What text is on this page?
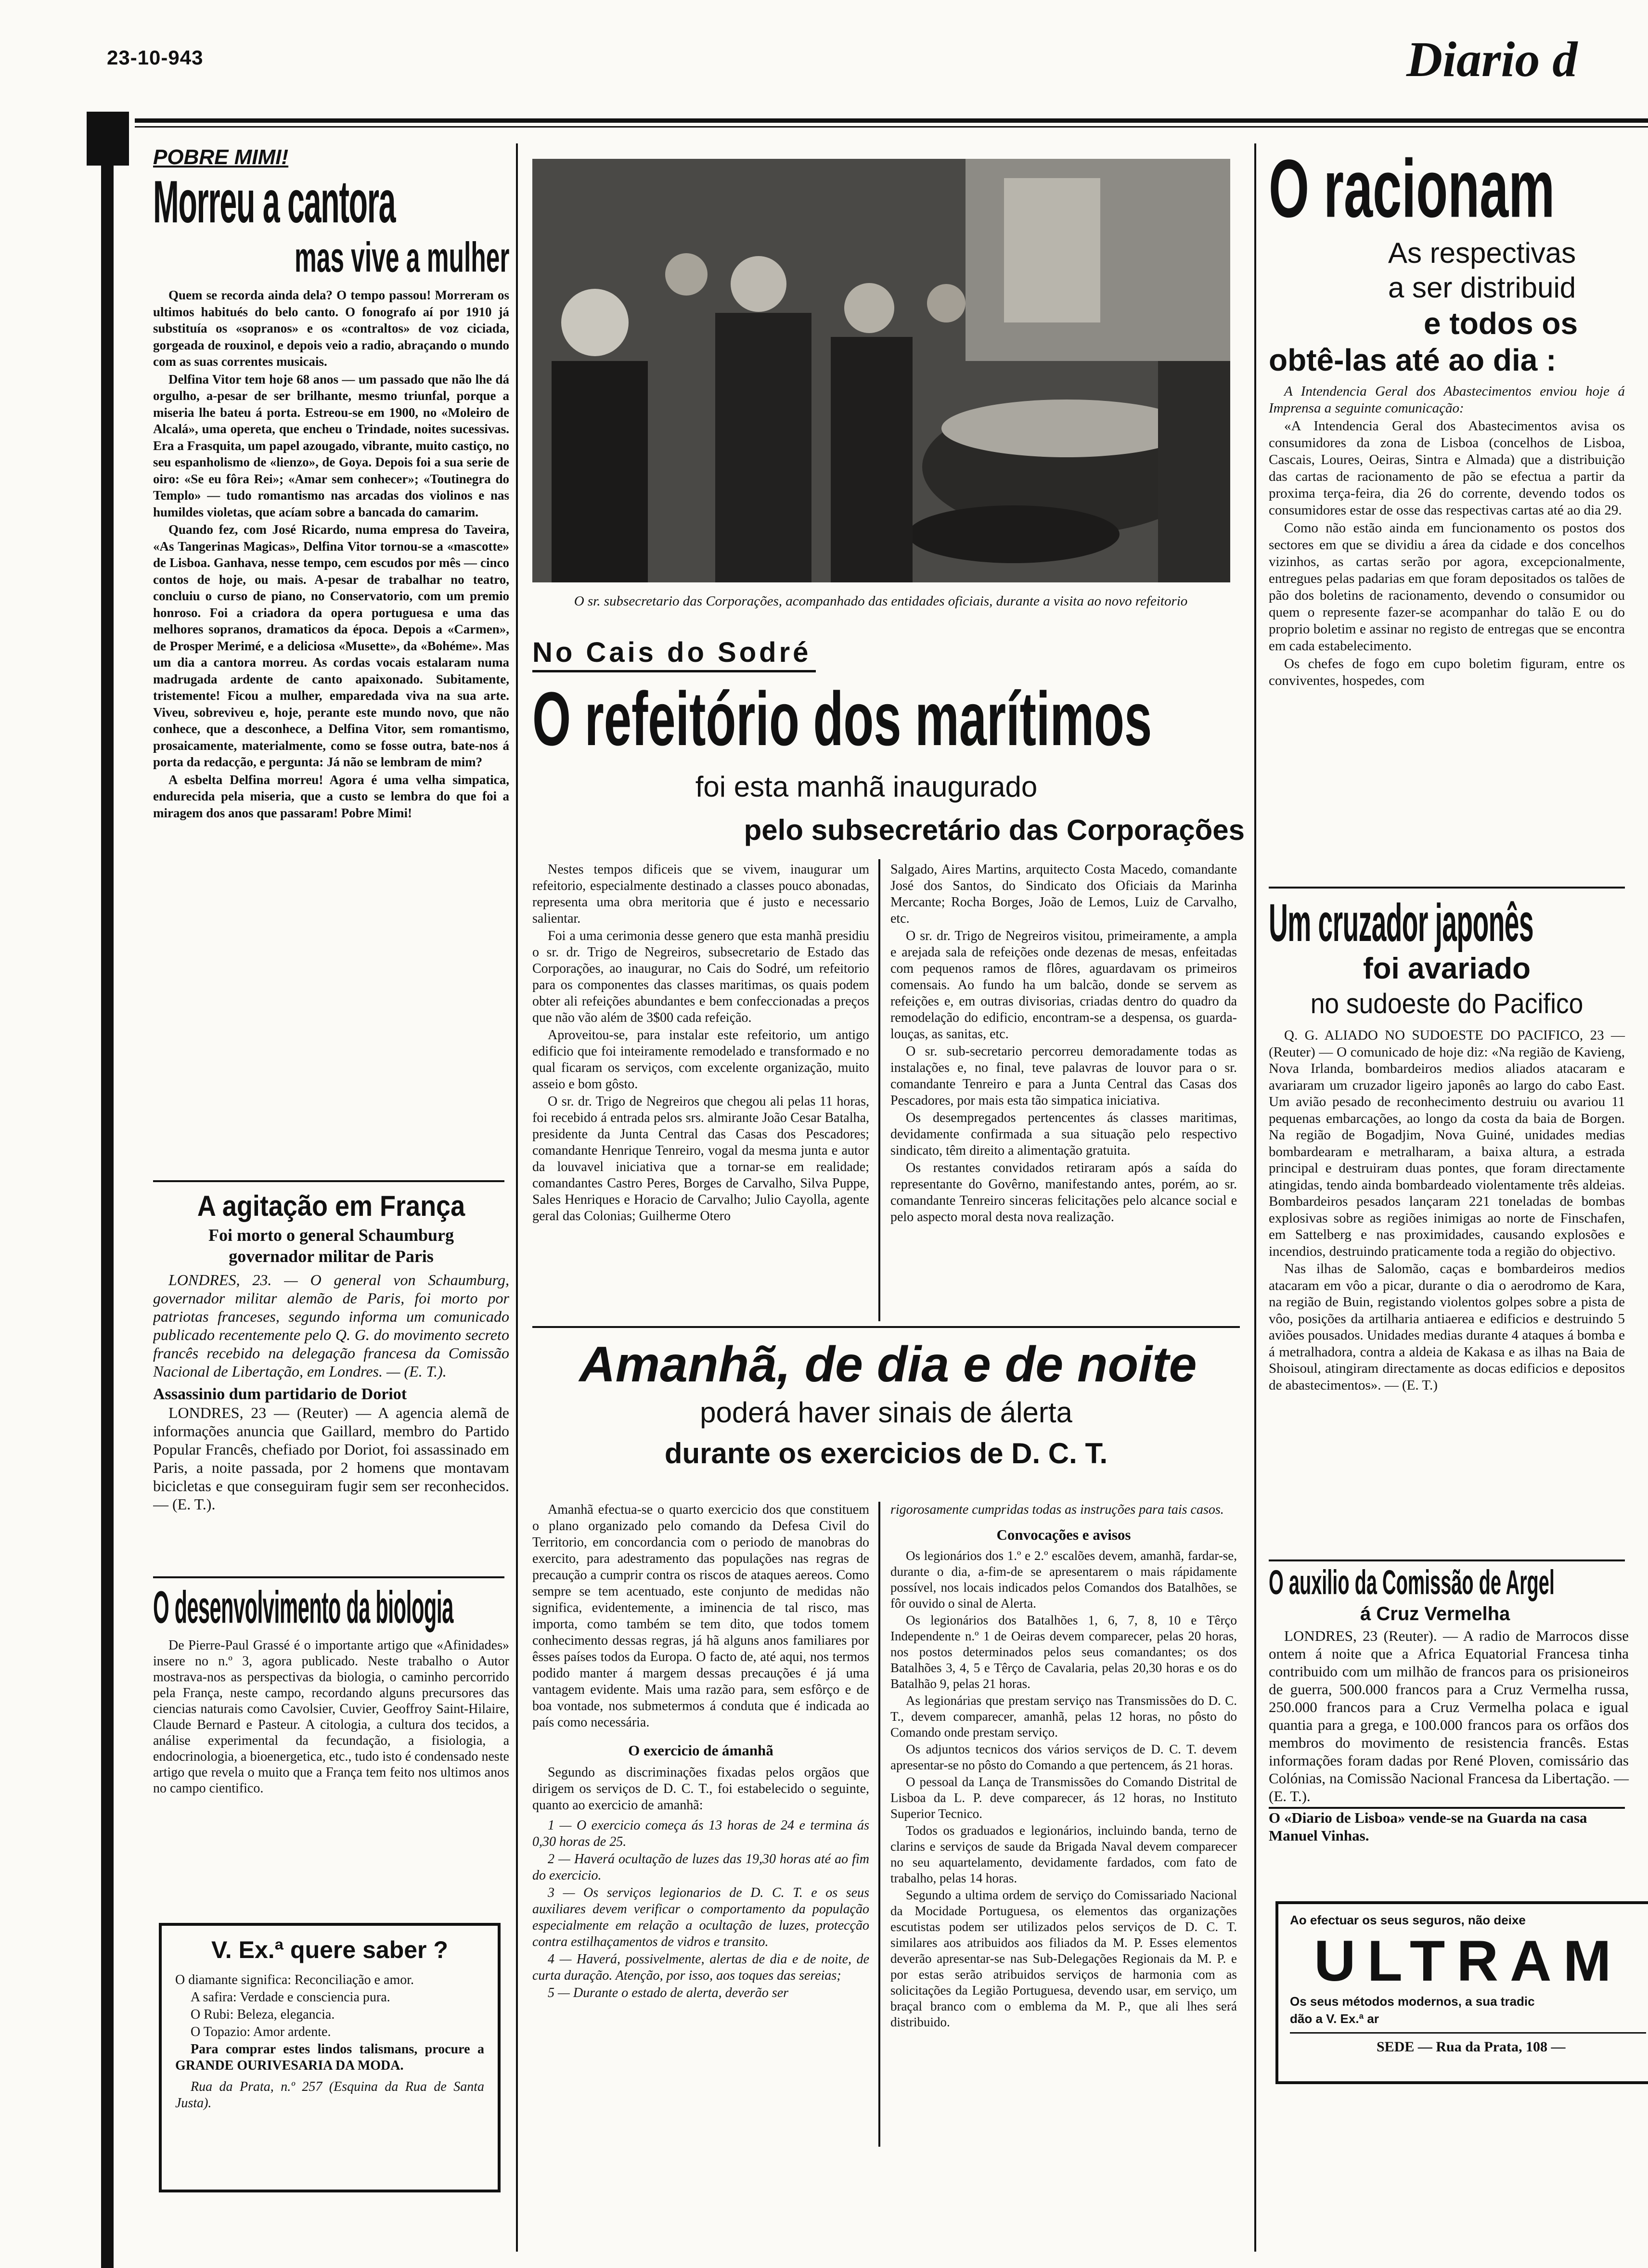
23-10-943	Diario d
POBRE MIMI!
Morreu a cantora
mas vive a mulher

Quem se recorda ainda dela? O tempo passou! Morreram os ultimos habitués do belo canto. O fonografo aí por 1910 já substituía os «sopranos» e os «contraltos» de voz ciciada, gorgeada de rouxinol, e depois veio a radio, abraçando o mundo com as suas correntes musicais.

Delfina Vitor tem hoje 68 anos — um passado que não lhe dá orgulho, a-pesar de ser brilhante, mesmo triunfal, porque a miseria lhe bateu á porta. Estreou-se em 1900, no «Moleiro de Alcalá», uma opereta, que encheu o Trindade, noites sucessivas. Era a Frasquita, um papel azougado, vibrante, muito castiço, no seu espanholismo de «lienzo», de Goya. Depois foi a sua serie de oiro: «Se eu fôra Rei»; «Amar sem conhecer»; «Toutinegra do Templo» — tudo romantismo nas arcadas dos violinos e nas humildes violetas, que acíam sobre a bancada do camarim.

Quando fez, com José Ricardo, numa empresa do Taveira, «As Tangerinas Magicas», Delfina Vitor tornou-se a «mascotte» de Lisboa. Ganhava, nesse tempo, cem escudos por mês — cinco contos de hoje, ou mais. A-pesar de trabalhar no teatro, concluiu o curso de piano, no Conservatorio, com um premio honroso. Foi a criadora da opera portuguesa e uma das melhores sopranos, dramaticos da época. Depois a «Carmen», de Prosper Merimé, e a deliciosa «Musette», da «Bohéme». Mas um dia a cantora morreu. As cordas vocais estalaram numa madrugada ardente de canto apaixonado. Subitamente, tristemente! Ficou a mulher, emparedada viva na sua arte. Viveu, sobreviveu e, hoje, perante este mundo novo, que não conhece, que a desconhece, a Delfina Vitor, sem romantismo, prosaicamente, materialmente, como se fosse outra, bate-nos á porta da redacção, e pergunta: Já não se lembram de mim?

A esbelta Delfina morreu! Agora é uma velha simpatica, endurecida pela miseria, que a custo se lembra do que foi a miragem dos anos que passaram! Pobre Mimi!

A agitação em França
Foi morto o general Schaumburg governador militar de Paris

LONDRES, 23. — O general von Schaumburg, governador militar alemão de Paris, foi morto por patriotas franceses, segundo informa um comunicado publicado recentemente pelo Q. G. do movimento secreto francês recebido na delegação francesa da Comissão Nacional de Libertação, em Londres. — (E. T.).

Assassinio dum partidario de Doriot

LONDRES, 23 — (Reuter) — A agencia alemã de informações anuncia que Gaillard, membro do Partido Popular Francês, chefiado por Doriot, foi assassinado em Paris, a noite passada, por 2 homens que montavam bicicletas e que conseguiram fugir sem ser reconhecidos. — (E. T.).

O desenvolvimento da biologia

De Pierre-Paul Grassé é o importante artigo que «Afinidades» insere no n.º 3, agora publicado. Neste trabalho o Autor mostrava-nos as perspectivas da biologia, o caminho percorrido pela França, neste campo, recordando alguns precursores das ciencias naturais como Cavolsier, Cuvier, Geoffroy Saint-Hilaire, Claude Bernard e Pasteur. A citologia, a cultura dos tecidos, a análise experimental da fecundação, a fisiologia, a endocrinologia, a bioenergetica, etc., tudo isto é condensado neste artigo que revela o muito que a França tem feito nos ultimos anos no campo cientifico.

V. Ex.ª quere saber ?

O diamante significa: Reconciliação e amor.

A safira: Verdade e consciencia pura.

O Rubi: Beleza, elegancia.

O Topazio: Amor ardente.

Para comprar estes lindos talismans, procure a GRANDE OURIVESARIA DA MODA.

Rua da Prata, n.º 257 (Esquina da Rua de Santa Justa).

O sr. subsecretario das Corporações, acompanhado das entidades oficiais, durante a visita ao novo refeitorio
No Cais do Sodré
O refeitório dos marítimos
foi esta manhã inaugurado
pelo subsecretário das Corporações

Nestes tempos dificeis que se vivem, inaugurar um refeitorio, especialmente destinado a classes pouco abonadas, representa uma obra meritoria que é justo e necessario salientar.

Foi a uma cerimonia desse genero que esta manhã presidiu o sr. dr. Trigo de Negreiros, subsecretario de Estado das Corporações, ao inaugurar, no Cais do Sodré, um refeitorio para os componentes das classes maritimas, os quais podem obter ali refeições abundantes e bem confeccionadas a preços que não vão além de 3$00 cada refeição.

Aproveitou-se, para instalar este refeitorio, um antigo edificio que foi inteiramente remodelado e transformado e no qual ficaram os serviços, com excelente organização, muito asseio e bom gôsto.

O sr. dr. Trigo de Negreiros que chegou ali pelas 11 horas, foi recebido á entrada pelos srs. almirante João Cesar Batalha, presidente da Junta Central das Casas dos Pescadores; comandante Henrique Tenreiro, vogal da mesma junta e autor da louvavel iniciativa que a tornar-se em realidade; comandantes Castro Peres, Borges de Carvalho, Silva Puppe, Sales Henriques e Horacio de Carvalho; Julio Cayolla, agente geral das Colonias; Guilherme Otero

Salgado, Aires Martins, arquitecto Costa Macedo, comandante José dos Santos, do Sindicato dos Oficiais da Marinha Mercante; Rocha Borges, João de Lemos, Luiz de Carvalho, etc.

O sr. dr. Trigo de Negreiros visitou, primeiramente, a ampla e arejada sala de refeições onde dezenas de mesas, enfeitadas com pequenos ramos de flôres, aguardavam os primeiros comensais. Ao fundo ha um balcão, donde se servem as refeições e, em outras divisorias, criadas dentro do quadro da remodelação do edificio, encontram-se a despensa, os guarda-louças, as sanitas, etc.

O sr. sub-secretario percorreu demoradamente todas as instalações e, no final, teve palavras de louvor para o sr. comandante Tenreiro e para a Junta Central das Casas dos Pescadores, por mais esta tão simpatica iniciativa.

Os desempregados pertencentes ás classes maritimas, devidamente confirmada a sua situação pelo respectivo sindicato, têm direito a alimentação gratuita.

Os restantes convidados retiraram após a saída do representante do Govêrno, manifestando antes, porém, ao sr. comandante Tenreiro sinceras felicitações pelo alcance social e pelo aspecto moral desta nova realização.

Amanhã, de dia e de noite
poderá haver sinais de álerta
durante os exercicios de D. C. T.

Amanhã efectua-se o quarto exercicio dos que constituem o plano organizado pelo comando da Defesa Civil do Territorio, em concordancia com o periodo de manobras do exercito, para adestramento das populações nas regras de precaução a cumprir contra os riscos de ataques aereos. Como sempre se tem acentuado, este conjunto de medidas não significa, evidentemente, a iminencia de tal risco, mas importa, como também se tem dito, que todos tomem conhecimento dessas regras, já hã alguns anos familiares por êsses países todos da Europa. O facto de, até aqui, nos termos podido manter á margem dessas precauções é já uma vantagem evidente. Mais uma razão para, sem esfôrço e de boa vontade, nos submetermos á conduta que é indicada ao país como necessária.

O exercicio de ámanhã

Segundo as discriminações fixadas pelos orgãos que dirigem os serviços de D. C. T., foi estabelecido o seguinte, quanto ao exercicio de amanhã:

1 — O exercicio começa ás 13 horas de 24 e termina ás 0,30 horas de 25.
2 — Haverá ocultação de luzes das 19,30 horas até ao fim do exercicio.
3 — Os serviços legionarios de D. C. T. e os seus auxiliares devem verificar o comportamento da população especialmente em relação a ocultação de luzes, protecção contra estilhaçamentos de vidros e transito.
4 — Haverá, possivelmente, alertas de dia e de noite, de curta duração. Atenção, por isso, aos toques das sereias;
5 — Durante o estado de alerta, deverão ser

rigorosamente cumpridas todas as instruções para tais casos.

Convocações e avisos

Os legionários dos 1.º e 2.º escalões devem, amanhã, fardar-se, durante o dia, a-fim-de se apresentarem o mais rápidamente possível, nos locais indicados pelos Comandos dos Batalhões, se fôr ouvido o sinal de Alerta.

Os legionários dos Batalhões 1, 6, 7, 8, 10 e Têrço Independente n.º 1 de Oeiras devem comparecer, pelas 20 horas, nos postos determinados pelos seus comandantes; os dos Batalhões 3, 4, 5 e Têrço de Cavalaria, pelas 20,30 horas e os do Batalhão 9, pelas 21 horas.

As legionárias que prestam serviço nas Transmissões do D. C. T., devem comparecer, amanhã, pelas 12 horas, no pôsto do Comando onde prestam serviço.

Os adjuntos tecnicos dos vários serviços de D. C. T. devem apresentar-se no pôsto do Comando a que pertencem, ás 21 horas.

O pessoal da Lança de Transmissões do Comando Distrital de Lisboa da L. P. deve comparecer, ás 12 horas, no Instituto Superior Tecnico.

Todos os graduados e legionários, incluindo banda, terno de clarins e serviços de saude da Brigada Naval devem comparecer no seu aquartelamento, devidamente fardados, com fato de trabalho, pelas 14 horas.

Segundo a ultima ordem de serviço do Comissariado Nacional da Mocidade Portuguesa, os elementos das organizações escutistas podem ser utilizados pelos serviços de D. C. T. similares aos atribuidos aos filiados da M. P. Esses elementos deverão apresentar-se nas Sub-Delegações Regionais da M. P. e por estas serão atribuidos serviços de harmonia com as solicitações da Legião Portuguesa, devendo usar, em serviço, um braçal branco com o emblema da M. P., que ali lhes será distribuido.

O racionam
As respectivas
a ser distribuid
e todos os
obtê-las até ao dia :

A Intendencia Geral dos Abastecimentos enviou hoje á Imprensa a seguinte comunicação:

«A Intendencia Geral dos Abastecimentos avisa os consumidores da zona de Lisboa (concelhos de Lisboa, Cascais, Loures, Oeiras, Sintra e Almada) que a distribuição das cartas de racionamento de pão se efectua a partir da proxima terça-feira, dia 26 do corrente, devendo todos os consumidores estar de osse das respectivas cartas até ao dia 29.

Como não estão ainda em funcionamento os postos dos sectores em que se dividiu a área da cidade e dos concelhos vizinhos, as cartas serão por agora, excepcionalmente, entregues pelas padarias em que foram depositados os talões de pão dos boletins de racionamento, devendo o consumidor ou quem o represente fazer-se acompanhar do talão E ou do proprio boletim e assinar no registo de entregas que se encontra em cada estabelecimento.

Os chefes de fogo em cupo boletim figuram, entre os conviventes, hospedes, com

Um cruzador japonês
foi avariado
no sudoeste do Pacifico

Q. G. ALIADO NO SUDOESTE DO PACIFICO, 23 — (Reuter) — O comunicado de hoje diz: «Na região de Kavieng, Nova Irlanda, bombardeiros medios aliados atacaram e avariaram um cruzador ligeiro japonês ao largo do cabo East. Um avião pesado de reconhecimento destruiu ou avariou 11 pequenas embarcações, ao longo da costa da baia de Borgen. Na região de Bogadjim, Nova Guiné, unidades medias bombardearam e metralharam, a baixa altura, a estrada principal e destruiram duas pontes, que foram directamente atingidas, tendo ainda bombardeado violentamente três aldeias. Bombardeiros pesados lançaram 221 toneladas de bombas explosivas sobre as regiões inimigas ao norte de Finschafen, em Sattelberg e nas proximidades, causando explosões e incendios, destruindo praticamente toda a região do objectivo.

Nas ilhas de Salomão, caças e bombardeiros medios atacaram em vôo a picar, durante o dia o aerodromo de Kara, na região de Buin, registando violentos golpes sobre a pista de vôo, posições da artilharia antiaerea e edificios e destruindo 5 aviões pousados. Unidades medias durante 4 ataques á bomba e á metralhadora, contra a aldeia de Kakasa e as ilhas na Baia de Shoisoul, atingiram directamente as docas edificios e depositos de abastecimentos». — (E. T.)

O auxilio da Comissão de Argel
á Cruz Vermelha

LONDRES, 23 (Reuter). — A radio de Marrocos disse ontem á noite que a Africa Equatorial Francesa tinha contribuido com um milhão de francos para os prisioneiros de guerra, 500.000 francos para a Cruz Vermelha russa, 250.000 francos para a Cruz Vermelha polaca e igual quantia para a grega, e 100.000 francos para os orfãos dos membros do movimento de resistencia francês. Estas informações foram dadas por René Ploven, comissário das Colónias, na Comissão Nacional Francesa da Libertação. — (E. T.).

O «Diario de Lisboa» vende-se na Guarda na casa Manuel Vinhas.

Ao efectuar os seus seguros, não deixe
ULTRAM
Os seus métodos modernos, a sua tradic dão a V. Ex.ª ar
SEDE — Rua da Prata, 108 —
